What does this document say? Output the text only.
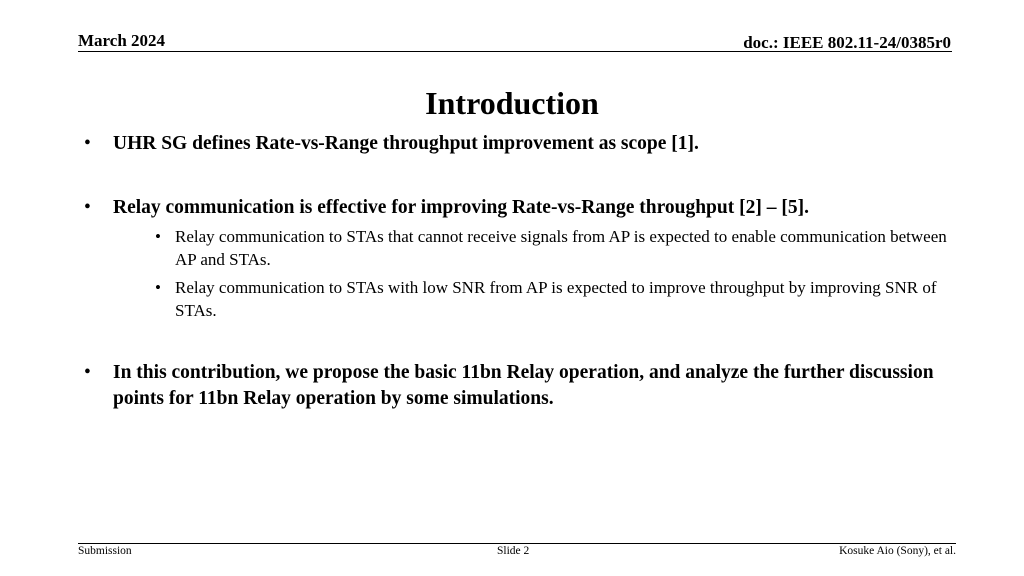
March 2024	doc.: IEEE 802.11-24/0385r0
Introduction
• UHR SG defines Rate-vs-Range throughput improvement as scope [1].
• Relay communication is effective for improving Rate-vs-Range throughput [2] – [5].
• Relay communication to STAs that cannot receive signals from AP is expected to enable communication between AP and STAs.
• Relay communication to STAs with low SNR from AP is expected to improve throughput by improving SNR of STAs.
• In this contribution, we propose the basic 11bn Relay operation, and analyze the further discussion points for 11bn Relay operation by some simulations.
Submission	Slide 2	Kosuke Aio (Sony), et al.
